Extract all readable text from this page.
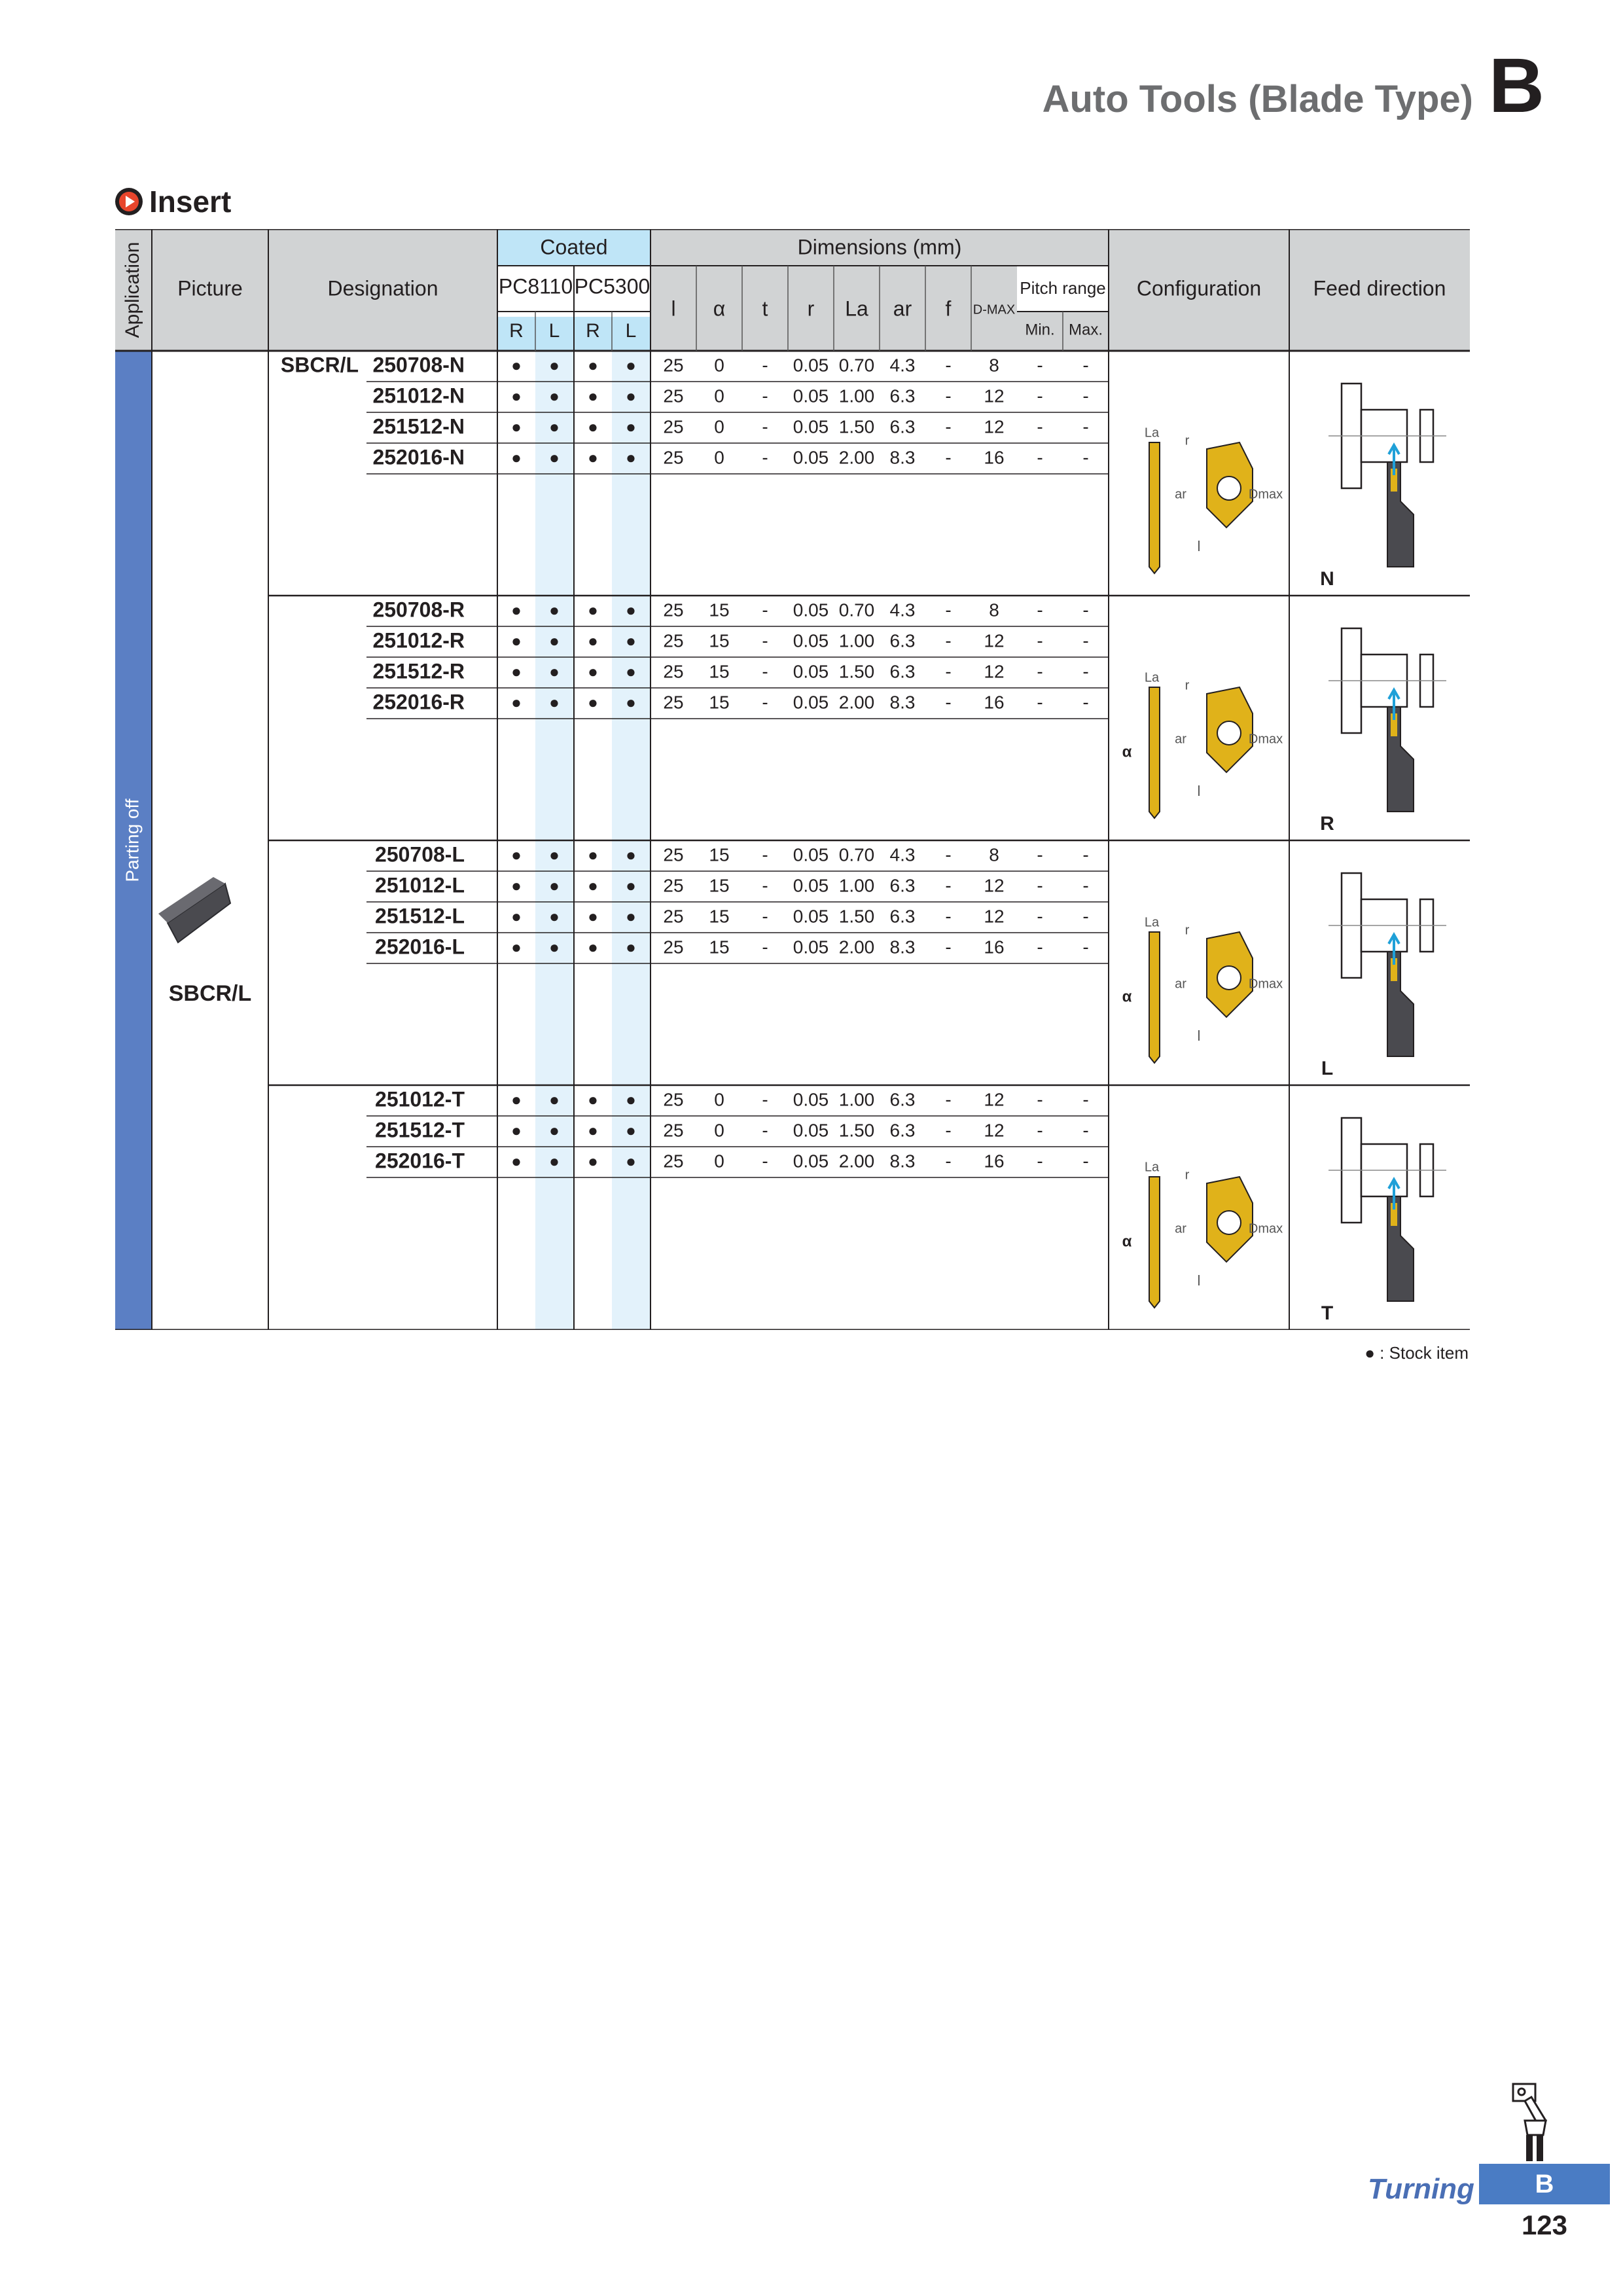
Auto Tools (Blade Type) B
Insert
Application Picture	Designation
Coated
PC8110 PC5300
R L R L
Dimensions (mm)
l α t r La ar f D-MAX
Pitch range
Min. Max.
Configuration Feed direction
Parting off
SBCR/L
SBCR/L 250708-N	● ● ● ● 25 0 - 0.05 0.70 4.3 - 8 - -
251012-N	● ● ● ● 25 0 - 0.05 1.00 6.3 - 12 - -
251512-N	● ● ● ● 25 0 - 0.05 1.50 6.3 - 12 - -
252016-N	● ● ● ● 25 0 - 0.05 2.00 8.3 - 16 - -
La
r
ar
l
Dmax
N
250708-R	● ● ● ● 25 15 - 0.05 0.70 4.3 - 8 - -
251012-R	● ● ● ● 25 15 - 0.05 1.00 6.3 - 12 - -
251512-R	● ● ● ● 25 15 - 0.05 1.50 6.3 - 12 - -
252016-R	● ● ● ● 25 15 - 0.05 2.00 8.3 - 16 - -
La
r
ar
l
Dmax
α
R
250708-L	● ● ● ● 25 15 - 0.05 0.70 4.3 - 8 - -
251012-L	● ● ● ● 25 15 - 0.05 1.00 6.3 - 12 - -
251512-L	● ● ● ● 25 15 - 0.05 1.50 6.3 - 12 - -
252016-L	● ● ● ● 25 15 - 0.05 2.00 8.3 - 16 - -
La
r
ar
l
Dmax
α
L
251012-T	● ● ● ● 25 0 - 0.05 1.00 6.3 - 12 - -
251512-T	● ● ● ● 25 0 - 0.05 1.50 6.3 - 12 - -
252016-T	● ● ● ● 25 0 - 0.05 2.00 8.3 - 16 - -	La
r
ar
l
Dmax
α
T
● : Stock item
Turning	B
123
